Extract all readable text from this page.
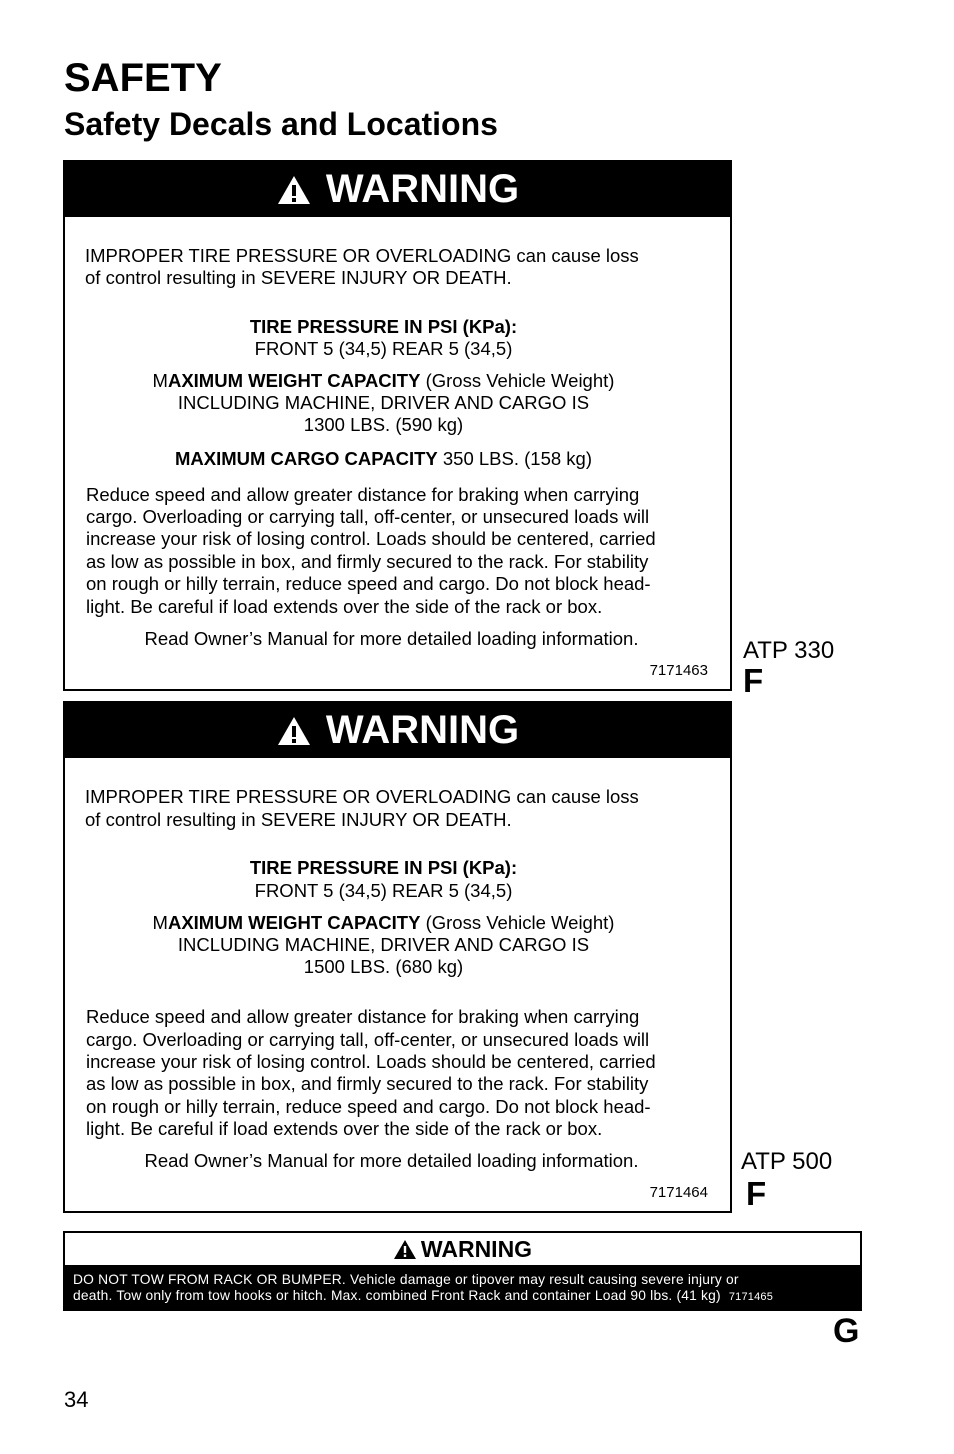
SAFETY
Safety Decals and Locations
WARNING
IMPROPER TIRE PRESSURE OR OVERLOADING can cause loss
of control resulting in SEVERE INJURY OR DEATH.
TIRE PRESSURE IN PSI (KPa):
FRONT 5 (34,5) REAR 5 (34,5)
MAXIMUM WEIGHT CAPACITY (Gross Vehicle Weight)
INCLUDING MACHINE, DRIVER AND CARGO IS
1300 LBS. (590 kg)
MAXIMUM CARGO CAPACITY 350 LBS. (158 kg)
Reduce speed and allow greater distance for braking when carrying
cargo. Overloading or carrying tall, off-center, or unsecured loads will
increase your risk of losing control. Loads should be centered, carried
as low as possible in box, and firmly secured to the rack. For stability
on rough or hilly terrain, reduce speed and cargo. Do not block head-
light. Be careful if load extends over the side of the rack or box.
Read Owner’s Manual for more detailed loading information.
7171463
ATP 330
F
WARNING
IMPROPER TIRE PRESSURE OR OVERLOADING can cause loss
of control resulting in SEVERE INJURY OR DEATH.
TIRE PRESSURE IN PSI (KPa):
FRONT 5 (34,5) REAR 5 (34,5)
MAXIMUM WEIGHT CAPACITY (Gross Vehicle Weight)
INCLUDING MACHINE, DRIVER AND CARGO IS
1500 LBS. (680 kg)
Reduce speed and allow greater distance for braking when carrying
cargo. Overloading or carrying tall, off-center, or unsecured loads will
increase your risk of losing control. Loads should be centered, carried
as low as possible in box, and firmly secured to the rack. For stability
on rough or hilly terrain, reduce speed and cargo. Do not block head-
light. Be careful if load extends over the side of the rack or box.
Read Owner’s Manual for more detailed loading information.
7171464
ATP 500
F
WARNING
DO NOT TOW FROM RACK OR BUMPER. Vehicle damage or tipover may result causing severe injury or
death. Tow only from tow hooks or hitch. Max. combined Front Rack and container Load 90 lbs. (41 kg) 7171465
G
34
